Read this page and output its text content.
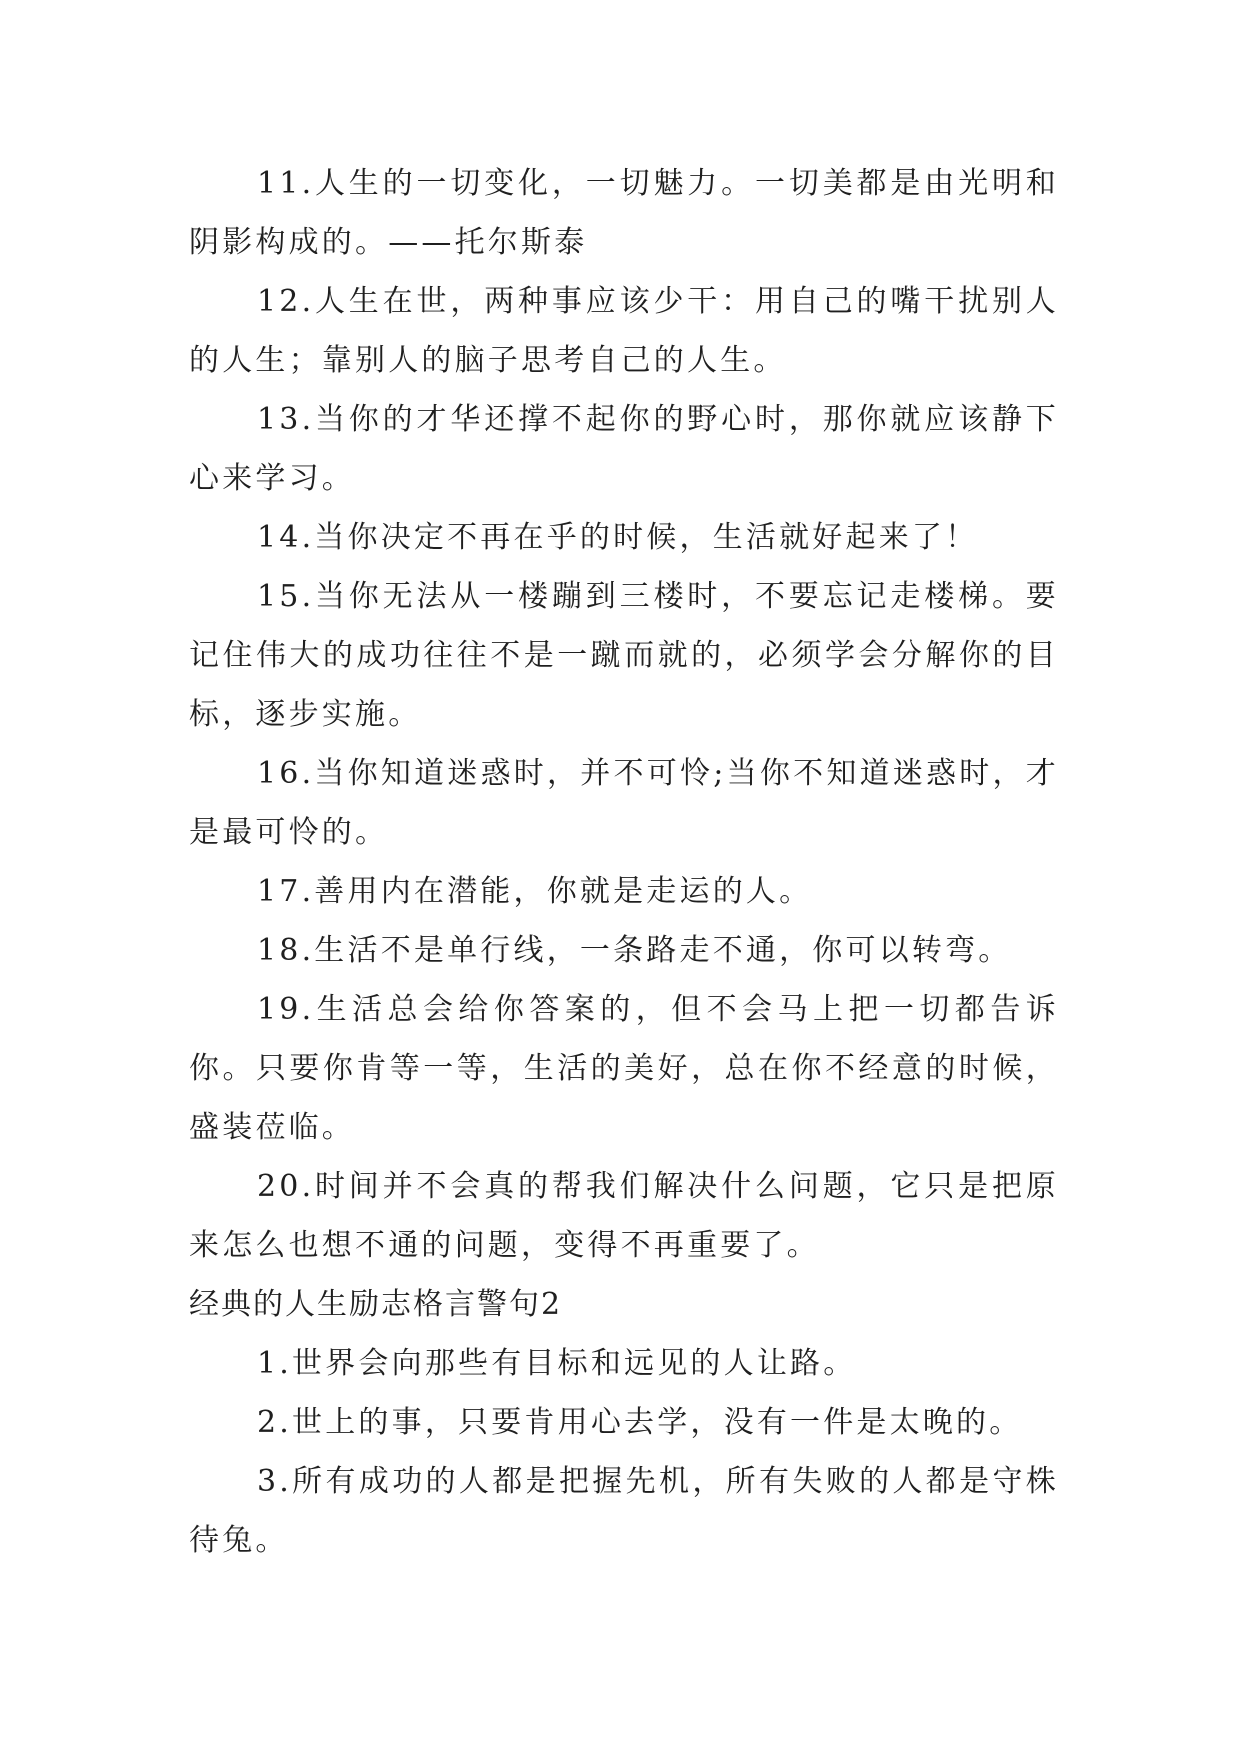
11.人生的一切变化，一切魅力。一切美都是由光明和阴影构成的。——托尔斯泰

12.人生在世，两种事应该少干：用自己的嘴干扰别人的人生；靠别人的脑子思考自己的人生。

13.当你的才华还撑不起你的野心时，那你就应该静下心来学习。

14.当你决定不再在乎的时候，生活就好起来了！

15.当你无法从一楼蹦到三楼时，不要忘记走楼梯。要记住伟大的成功往往不是一蹴而就的，必须学会分解你的目标，逐步实施。

16.当你知道迷惑时，并不可怜;当你不知道迷惑时，才是最可怜的。

17.善用内在潜能，你就是走运的人。

18.生活不是单行线，一条路走不通，你可以转弯。

19.生活总会给你答案的，但不会马上把一切都告诉你。只要你肯等一等，生活的美好，总在你不经意的时候，盛装莅临。

20.时间并不会真的帮我们解决什么问题，它只是把原来怎么也想不通的问题，变得不再重要了。

经典的人生励志格言警句2

1.世界会向那些有目标和远见的人让路。

2.世上的事，只要肯用心去学，没有一件是太晚的。

3.所有成功的人都是把握先机，所有失败的人都是守株待兔。
